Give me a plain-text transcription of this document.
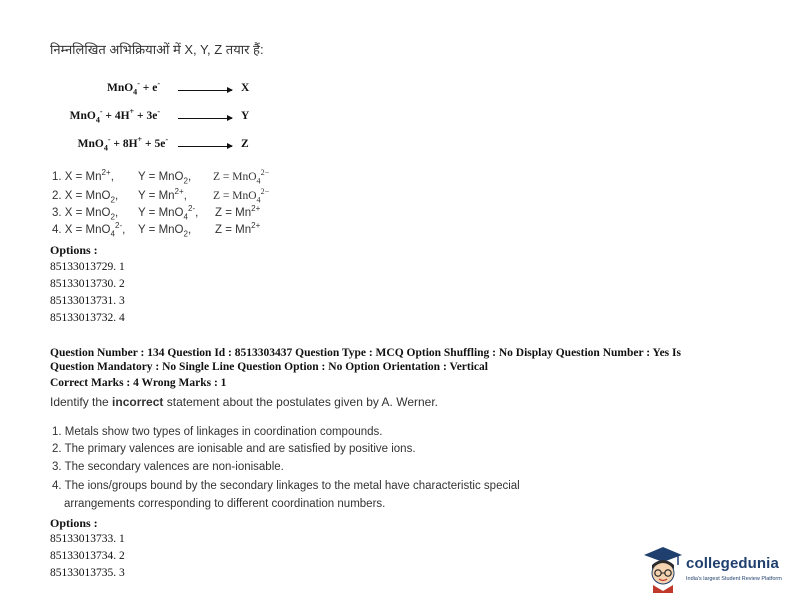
निम्नलिखित अभिक्रियाओं में X, Y, Z तयार हैं:
MnO$_4$- + e-	X
MnO$_4$- + 4H+ + 3e-	Y
MnO$_4$- + 8H+ + 5e-	Z
1. $X = Mn^{2+}$, Y = MnO$_2$, Z = MnO$_4^{2-}$
2. X = MnO$_2$, $Y = Mn^{2+}$, Z = MnO$_4^{2-}$
3. X = MnO$_2$, Y = MnO$_4^{2-}$, $Z = Mn^{2+}$
4. X = MnO$_4^{2-}$, Y = MnO$_2$, $Z = Mn^{2+}$
Options :
85133013729. 1
85133013730. 2
85133013731. 3
85133013732. 4
Question Number : 134 Question Id : 8513303437 Question Type : MCQ Option Shuffling : No Display Question Number : Yes Is
Question Mandatory : No Single Line Question Option : No Option Orientation : Vertical
Correct Marks : 4 Wrong Marks : 1
Identify the incorrect statement about the postulates given by A. Werner.
1. Metals show two types of linkages in coordination compounds.
2. The primary valences are ionisable and are satisfied by positive ions.
3. The secondary valences are non-ionisable.
4. The ions/groups bound by the secondary linkages to the metal have characteristic special
arrangements corresponding to different coordination numbers.
Options :
85133013733. 1
85133013734. 2
85133013735. 3
collegedunia
India's largest Student Review Platform
